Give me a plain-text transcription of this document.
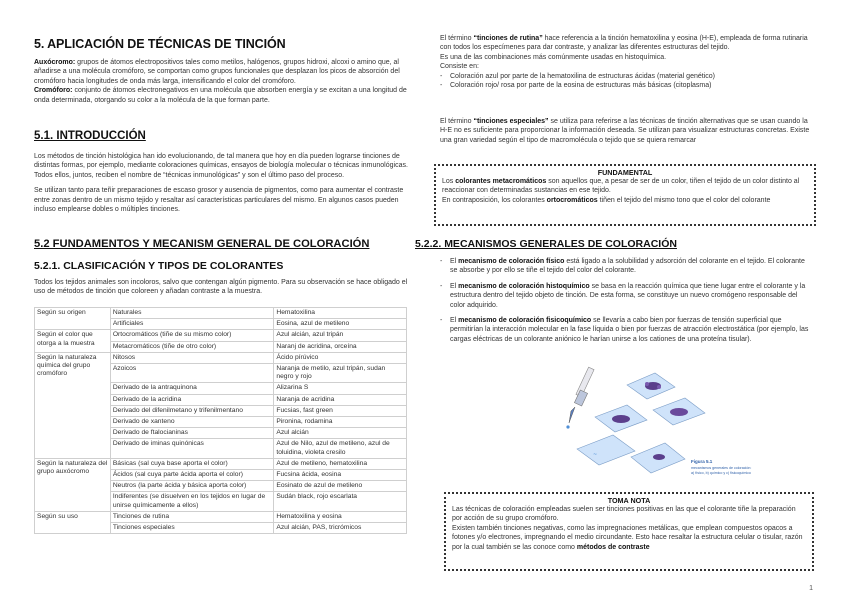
5. APLICACIÓN DE TÉCNICAS DE TINCIÓN

Auxócromo: grupos de átomos electropositivos tales como metilos, halógenos, grupos hidroxi, alcoxi o amino que, al añadirse a una molécula cromóforo, se comportan como grupos funcionales que desplazan los picos de absorción del cromóforo hacia longitudes de onda más larga, intensificando el color del cromóforo.

Cromóforo: conjunto de átomos electronegativos en una molécula que absorben energía y se excitan a una longitud de onda determinada, otorgando su color a la molécula de la que forman parte.

5.1. INTRODUCCIÓN

Los métodos de tinción histológica han ido evolucionando, de tal manera que hoy en día pueden lograrse tinciones de distintas formas, por ejemplo, mediante coloraciones químicas, ensayos de biología molecular o técnicas inmunológicas.

Todos ellos, juntos, reciben el nombre de “técnicas inmunológicas” y son el último paso del proceso.

Se utilizan tanto para teñir preparaciones de escaso grosor y ausencia de pigmentos, como para aumentar el contraste entre zonas dentro de un mismo tejido y resaltar así características particulares del mismo. En algunos casos pueden incluso emplearse dobles o múltiples tinciones.

5.2 FUNDAMENTOS Y MECANISM GENERAL DE COLORACIÓN
5.2.1. CLASIFICACIÓN Y TIPOS DE COLORANTES

Todos los tejidos animales son incoloros, salvo que contengan algún pigmento. Para su observación se hace obligado el uso de métodos de tinción que coloreen y añadan contraste a la muestra.

Según su origen	Naturales	Hematoxilina
	Artificiales	Eosina, azul de metileno
Según el color que otorga a la muestra	Ortocromáticos (tiñe de su mismo color)	Azul alcián, azul tripán
	Metacromáticos (tiñe de otro color)	Naranj de acridina, orceína
Según la naturaleza química del grupo cromóforo	Nitosos	Ácido pírúvico
	Azoicos	Naranja de metilo, azul tripán, sudan negro y rojo
	Derivado de la antraquinona	Alizarina S
	Derivado de la acridina	Naranja de acridina
	Derivado del difenilmetano y trifenilmentano	Fucsias, fast green
	Derivado de xanteno	Pironina, rodamina
	Derivado de ftalocianinas	Azul alcián
	Derivado de iminas quinónicas	Azul de Nilo, azul de metileno, azul de toluidina, violeta cresilo
Según la naturaleza del grupo auxócromo	Básicas (sal cuya base aporta el color)	Azul de metileno, hematoxilina
	Ácidos (sal cuya parte ácida aporta el color)	Fucsina ácida, eosina
	Neutros (la parte ácida y básica aporta color)	Eosinato de azul de metileno
	Indiferentes (se disuelven en los tejidos en lugar de unirse químicamente a ellos)	Sudán black, rojo escarlata
Según su uso	Tinciones de rutina	Hematoxilina y eosina
	Tinciones especiales	Azul alcián, PAS, tricrómicos

El término “tinciones de rutina” hace referencia a la tinción hematoxilina y eosina (H-E), empleada de forma rutinaria con todos los especímenes para dar contraste, y analizar las diferentes estructuras del tejido.

Es una de las combinaciones más comúnmente usadas en histoquímica.

Consiste en:

- Coloración azul por parte de la hematoxilina de estructuras ácidas (material genético)
- Coloración rojo/ rosa por parte de la eosina de estructuras más básicas (citoplasma)

El término “tinciones especiales” se utiliza para referirse a las técnicas de tinción alternativas que se usan cuando la H-E no es suficiente para proporcionar la información deseada. Se utilizan para visualizar estructuras concretas. Existe una gran variedad según el tipo de macromolécula o tejido que se quiera remarcar

FUNDAMENTAL

Los colorantes metacromáticos son aquellos que, a pesar de ser de un color, tiñen el tejido de un color distinto al reaccionar con determinadas sustancias en ese tejido.

En contraposición, los colorantes ortocromáticos tiñen el tejido del mismo tono que el color del colorante

5.2.2. MECANISMOS GENERALES DE COLORACIÓN
- El mecanismo de coloración físico está ligado a la solubilidad y adsorción del colorante en el tejido. El colorante se absorbe y por ello se tiñe el tejido del color del colorante.
- El mecanismo de coloración histoquímico se basa en la reacción química que tiene lugar entre el colorante y la estructura dentro del tejido objeto de tinción. De esta forma, se constituye un nuevo cromógeno responsable del color adquirido.
- El mecanismo de coloración fisicoquímico se llevaría a cabo bien por fuerzas de tensión superficial que permitirían la interacción molecular en la fase líquida o bien por fuerzas de atracción electrostática (por ejemplo, las cargas eléctricas de un colorante aniónico le harían unirse a los cationes de una proteína tisular).
~
Figura 5.1
mecanismos generales de coloración:
a) físico, b) químico y c) fisicoquímico
TOMA NOTA

Las técnicas de coloración empleadas suelen ser tinciones positivas en las que el colorante tiñe la preparación por acción de su grupo cromóforo.

Existen también tinciones negativas, como las impregnaciones metálicas, que emplean compuestos opacos a fotones y/o electrones, impregnando el medio circundante. Esto hace resaltar la estructura celular o tisular, razón por la cual también se las conoce como métodos de contraste

1
